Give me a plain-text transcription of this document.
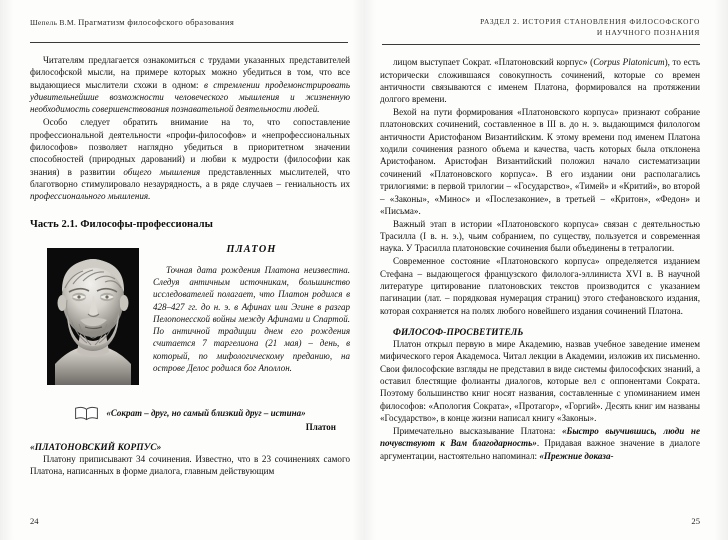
Шепель В.М. Прагматизм философского образования

Читателям предлагается ознакомиться с трудами указанных представителей философской мысли, на примере которых можно убедиться в том, что все выдающиеся мыслители схожи в одном: в стремлении продемонстрировать удивительнейшие возможности человеческого мышления и жизненную необходимость совершенствования познавательной деятельности людей.

Особо следует обратить внимание на то, что сопоставление профессиональной деятельности «профи-философов» и «непрофессиональных философов» позволяет наглядно убедиться в приоритетном значении способностей (природных дарований) и любви к мудрости (философии как знания) в развитии общего мышления представленных мыслителей, что благотворно стимулировало незаурядность, а в ряде случаев – гениальность их профессионального мышления.

Часть 2.1. Философы-профессионалы
ПЛАТОН

Точная дата рождения Платона неизвестна. Следуя античным источникам, большинство исследователей полагает, что Платон родился в 428–427 гг. до н. э. в Афинах или Эгине в разгар Пелопонесской войны между Афинами и Спартой. По античной традиции днем его рождения считается 7 таргелиона (21 мая) – день, в который, по мифологическому преданию, на острове Делос родился бог Аполлон.

«Сократ – друг, но самый близкий друг – истина»
Платон
«ПЛАТОНОВСКИЙ КОРПУС»

Платону приписывают 34 сочинения. Известно, что в 23 сочинениях самого Платона, написанных в форме диалога, главным действующим

24
РАЗДЕЛ 2. ИСТОРИЯ СТАНОВЛЕНИЯ ФИЛОСОФСКОГО
И НАУЧНОГО ПОЗНАНИЯ

лицом выступает Сократ. «Платоновский корпус» (Corpus Platonicum), то есть исторически сложившаяся совокупность сочинений, которые со времен античности связываются с именем Платона, формировался на протяжении долгого времени.

Вехой на пути формирования «Платоновского корпуса» признают собрание платоновских сочинений, составленное в III в. до н. э. выдающимся филологом античности Аристофаном Византийским. К этому времени под именем Платона ходили сочинения разного объема и качества, часть которых была отклонена Аристофаном. Аристофан Византийский положил начало систематизации сочинений «Платоновского корпуса». В его издании они располагались трилогиями: в первой трилогии – «Государство», «Тимей» и «Критий», во второй – «Законы», «Минос» и «Послезаконие», в третьей – «Критон», «Федон» и «Письма».

Важный этап в истории «Платоновского корпуса» связан с деятельностью Трасилла (I в. н. э.), чьим собранием, по существу, пользуется и современная наука. У Трасилла платоновские сочинения были объединены в тетралогии.

Современное состояние «Платоновского корпуса» определяется изданием Стефана – выдающегося французского филолога-эллиниста XVI в. В научной литературе цитирование платоновских текстов производится с указанием пагинации (лат. – порядковая нумерация страниц) этого стефановского издания, которая сохраняется на полях любого новейшего издания сочинений Платона.

ФИЛОСОФ-ПРОСВЕТИТЕЛЬ

Платон открыл первую в мире Академию, назвав учебное заведение именем мифического героя Академоса. Читал лекции в Академии, изложив их письменно. Свои философские взгляды не представил в виде системы философских знаний, а оставил блестящие фолианты диалогов, которые вел с оппонентами Сократа. Поэтому большинство книг носят названия, составленные с упоминанием имен философов: «Апология Сократа», «Протагор», «Горгий». Десять книг им названы «Государство», в конце жизни написал книгу «Законы».

Примечательно высказывание Платона: «Быстро выучившись, люди не почувствуют к Вам благодарность». Придавая важное значение в диалоге аргументации, настоятельно напоминал: «Прежние доказа-

25
